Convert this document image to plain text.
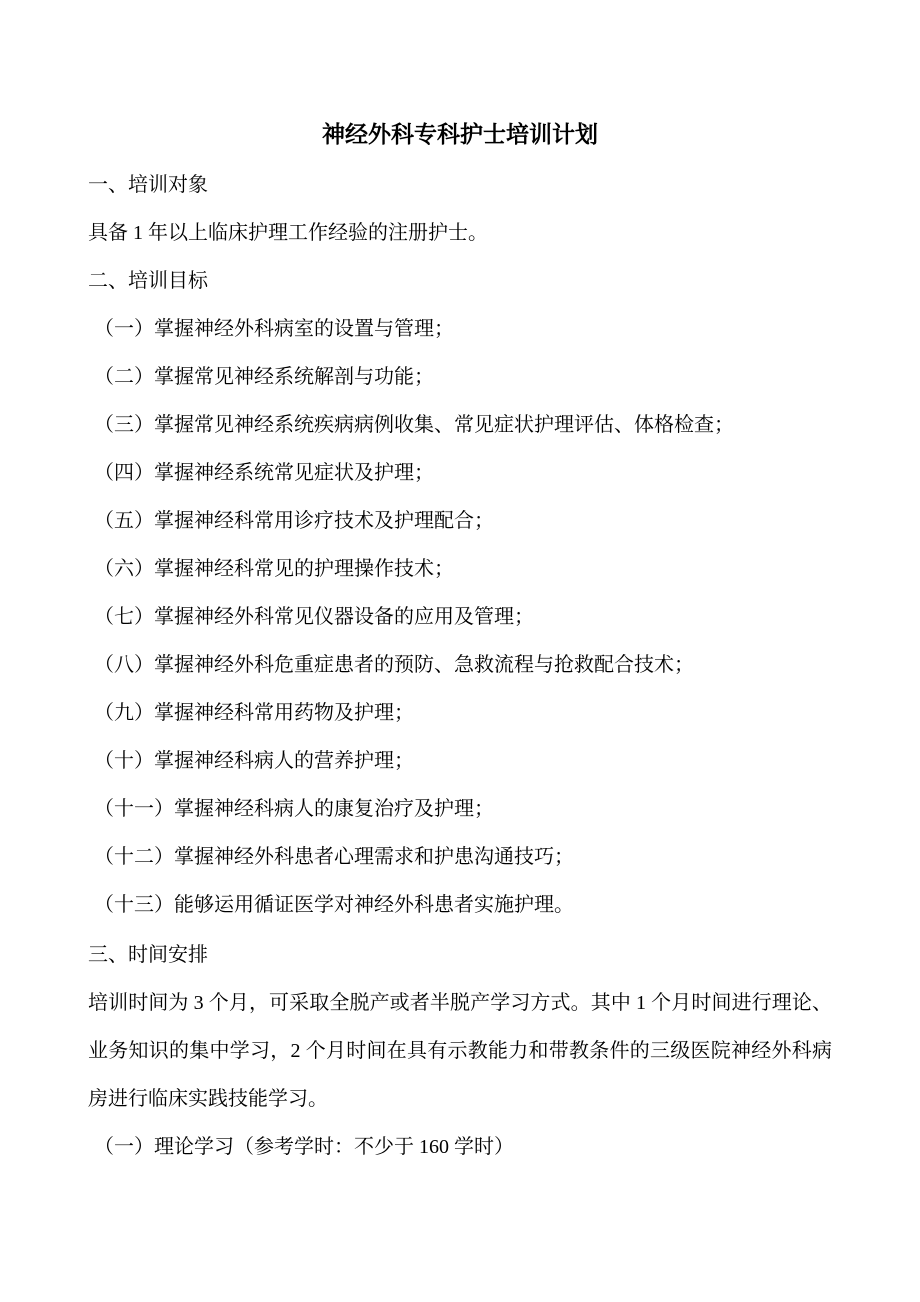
神经外科专科护士培训计划
一、培训对象
具备 1 年以上临床护理工作经验的注册护士。
二、培训目标
（一）掌握神经外科病室的设置与管理；
（二）掌握常见神经系统解剖与功能；
（三）掌握常见神经系统疾病病例收集、常见症状护理评估、体格检查；
（四）掌握神经系统常见症状及护理；
（五）掌握神经科常用诊疗技术及护理配合；
（六）掌握神经科常见的护理操作技术；
（七）掌握神经外科常见仪器设备的应用及管理；
（八）掌握神经外科危重症患者的预防、急救流程与抢救配合技术；
（九）掌握神经科常用药物及护理；
（十）掌握神经科病人的营养护理；
（十一）掌握神经科病人的康复治疗及护理；
（十二）掌握神经外科患者心理需求和护患沟通技巧；
（十三）能够运用循证医学对神经外科患者实施护理。
三、时间安排
培训时间为 3 个月，可采取全脱产或者半脱产学习方式。其中 1 个月时间进行理论、业务知识的集中学习，2 个月时间在具有示教能力和带教条件的三级医院神经外科病房进行临床实践技能学习。
（一）理论学习（参考学时：不少于 160 学时）
